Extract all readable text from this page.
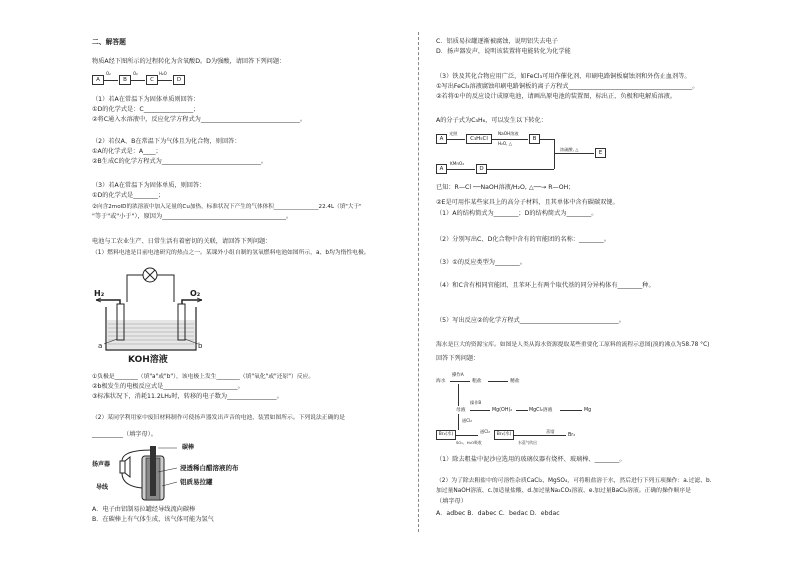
二、解答题
物质A经下图所示的过程转化为含氧酸D。D为强酸，请回答下列问题：
A
O₂
B
O₂
C
H₂O
D
（1）若A在常温下为固体单质则回答：
①D的化学式是：C________________；
②将C通入水溶液中，反应化学方程式为________________________________。
（2）若仅A、B在常温下为气体且为化合物，则回答：
①A的化学式是：A____；
②B生成C的化学方程式为________________________________。
（3）若A在常温下为固体单质，则回答：
①D的化学式是________；
②向含2molD的浓溶液中加入足量的Cu加热，标准状况下产生的气体体积________________22.4L（填"大于"
"等于"或"小于"），原因为________________________________________。
电池与工农业生产、日常生活有着密切的关联，请回答下列问题：
（1）燃料电池是目前电池研究的热点之一。某课外小组自制的氢氧燃料电池如图所示，a、b均为惰性电极。
H₂	O₂
a	b
KOH溶液
①负极是________（填"a"或"b"），该电极上发生________（填"氧化"或"还原"）反应。
②b极发生的电极反应式是________________________。
③标准状况下，消耗11.2LH₂时，转移的电子数为________________。
（2）某同学利用家中废旧材料制作可使扬声器发出声音的电池，装置如图所示。下列说法正确的是
__________（填字母）。
碳棒
扬声器	浸透稀白醋溶液的布
铝质易拉罐
导线
A．电子由铝制易拉罐经导线流向碳棒
B．在碳棒上有气体生成，该气体可能为氢气
C．铝质易拉罐逐渐被腐蚀，说明铝失去电子
D．扬声器发声，说明该装置将电能转化为化学能
（3）铁及其化合物应用广泛，如FeCl₃可用作催化剂、印刷电路铜板腐蚀剂和外伤止血剂等。
①写出FeCl₃溶液腐蚀印刷电路铜板的离子方程式________________________________________。
②若将①中的反应设计成原电池，请画出原电池的装置图，标出正、负极和电解质溶液。
A的分子式为C₃H₆，可以发生以下转化：
A
光照
C₃H₅Cl
NaOH溶液
H₂O, △
B
浓硫酸, △
E
A
KMnO₄
D
已知：R—Cl ──NaOH溶液/H₂O, △──→ R—OH；
②E是可用作某些家具上的高分子材料，且其单体中含有碳碳双键。
（1）A的结构简式为________；D的结构简式为________。
（2）分别写出C、D化合物中含有的官能团的名称：________。
（3）①的反应类型为________。
（4）和C含有相同官能团，且苯环上有两个取代基的同分异构体有________种。
（5）写出反应②的化学方程式________________________________。
海水是巨大的资源宝库。如图是人类从海水资源提取某些重要化工原料的流程示意图(溴的沸点为58.78 °C)
回答下列问题：
海水
操作A
粗盐	精盐
母液
操作B
Mg(OH)₂	MgCl₂溶液	Mg
通Cl₂
Br₂(水)
SO₂、H₂O吸收
通Cl₂
Br₂(水)
水蒸气吹出
蒸馏
Br₂
（1）除去粗盐中泥沙应选用的玻璃仪器有烧杯、玻璃棒、________。
（2）为了除去粗盐中的可溶性杂质CaCl₂、MgSO₄，可将粗盐溶于水，然后进行下列五项操作：a.过滤、b.
加过量NaOH溶液、c.加适量盐酸、d.加过量Na₂CO₃溶液、e.加过量BaCl₂溶液。正确的操作顺序是
（填字母）
A．adbec B．dabec C．bedac D．ebdac
